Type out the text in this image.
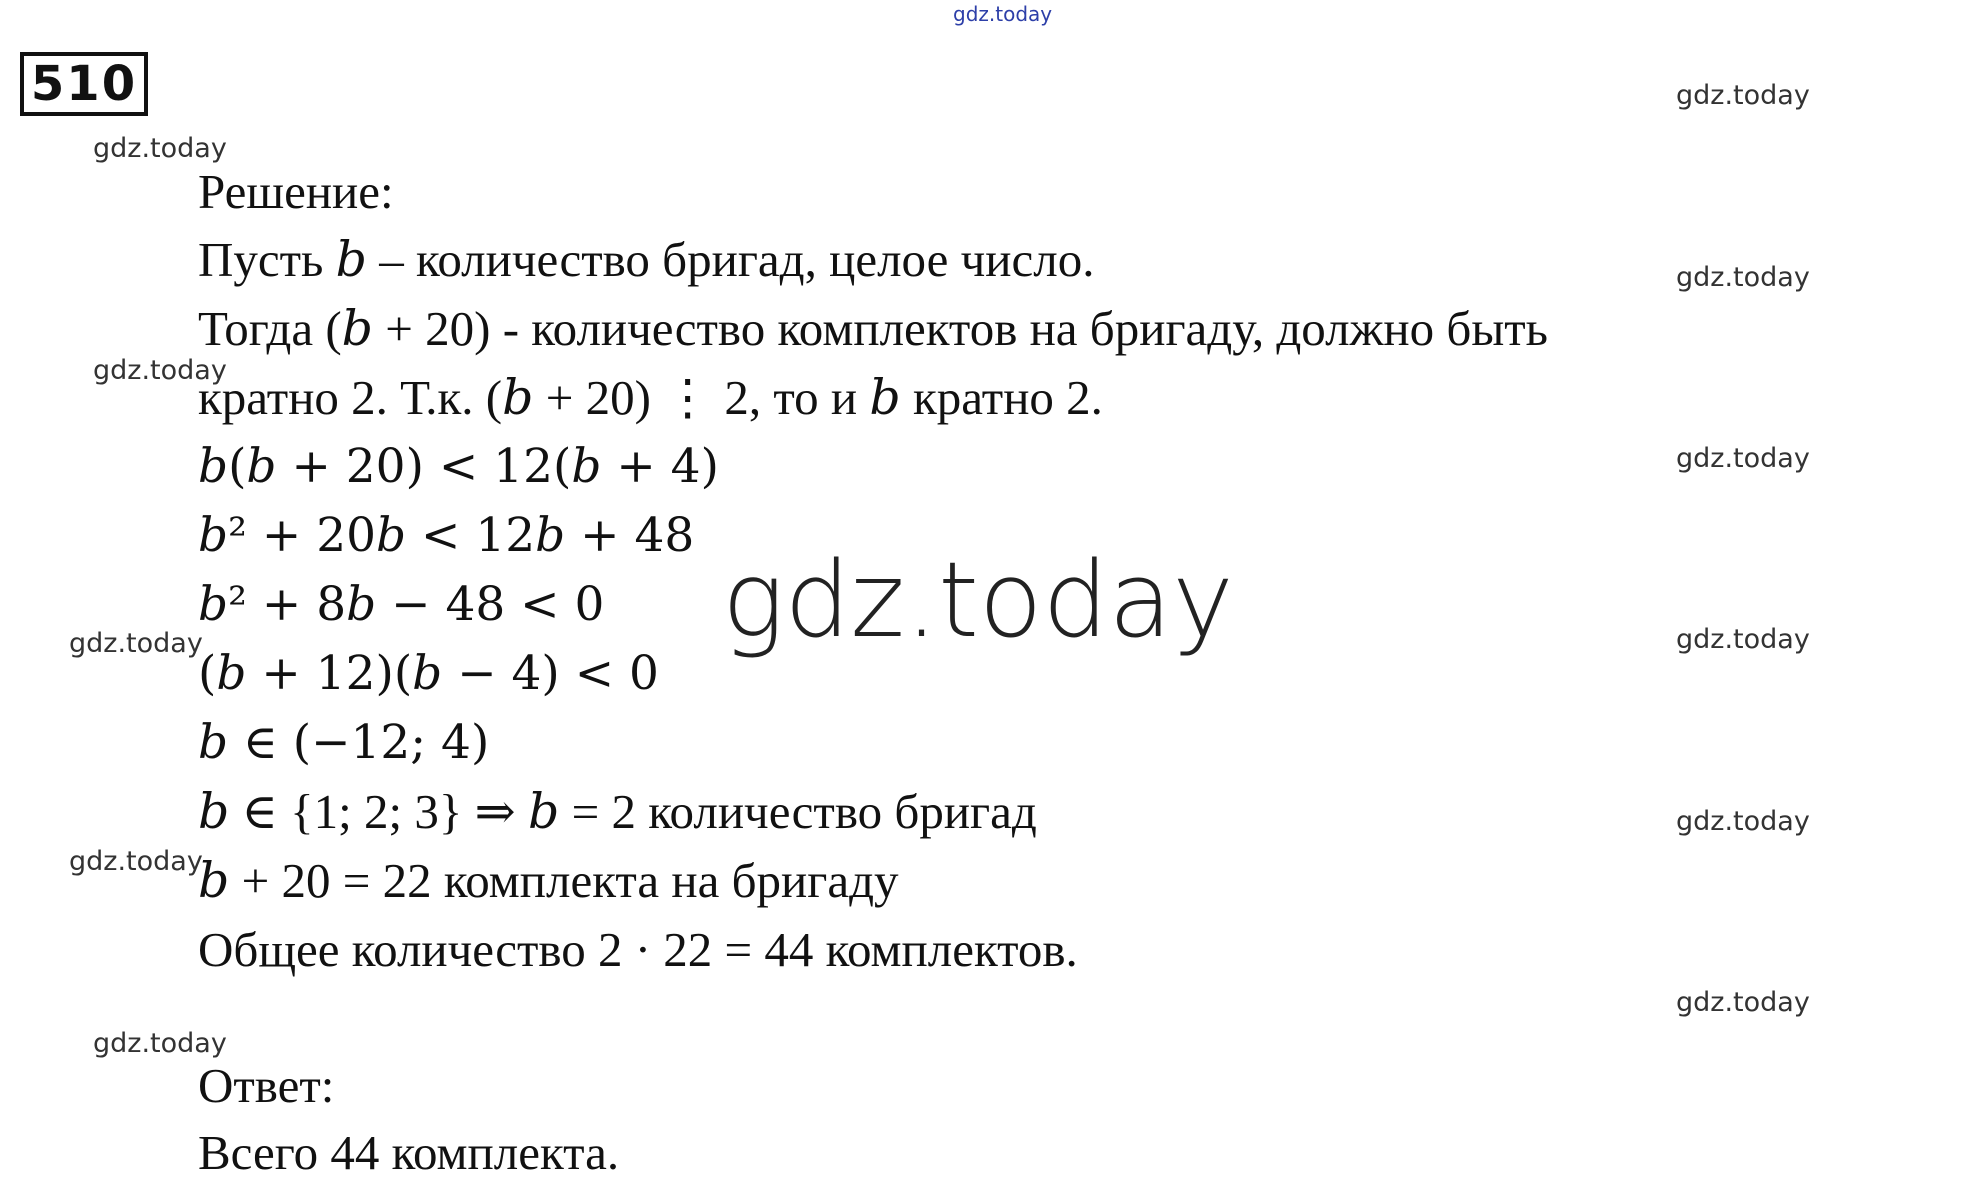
510
gdz.today
gdz.today
gdz.today
gdz.today
gdz.today
gdz.today
gdz.today	gdz.today
gdz.today
gdz.today
gdz.today
gdz.today
gdz.today
Решение:
Пусть 𝑏 – количество бригад, целое число.
Тогда (𝑏 + 20) - количество комплектов на бригаду, должно быть
кратно 2. Т.к. (𝑏 + 20) ⋮ 2, то и 𝑏 кратно 2.
𝑏(𝑏 + 20) < 12(𝑏 + 4)
𝑏² + 20𝑏 < 12𝑏 + 48
𝑏² + 8𝑏 − 48 < 0
(𝑏 + 12)(𝑏 − 4) < 0
𝑏 ∈ (−12; 4)
𝑏 ∈ {1; 2; 3} ⇒ 𝑏 = 2 количество бригад
𝑏 + 20 = 22 комплекта на бригаду
Общее количество 2 · 22 = 44 комплектов.
Ответ:
Всего 44 комплекта.
